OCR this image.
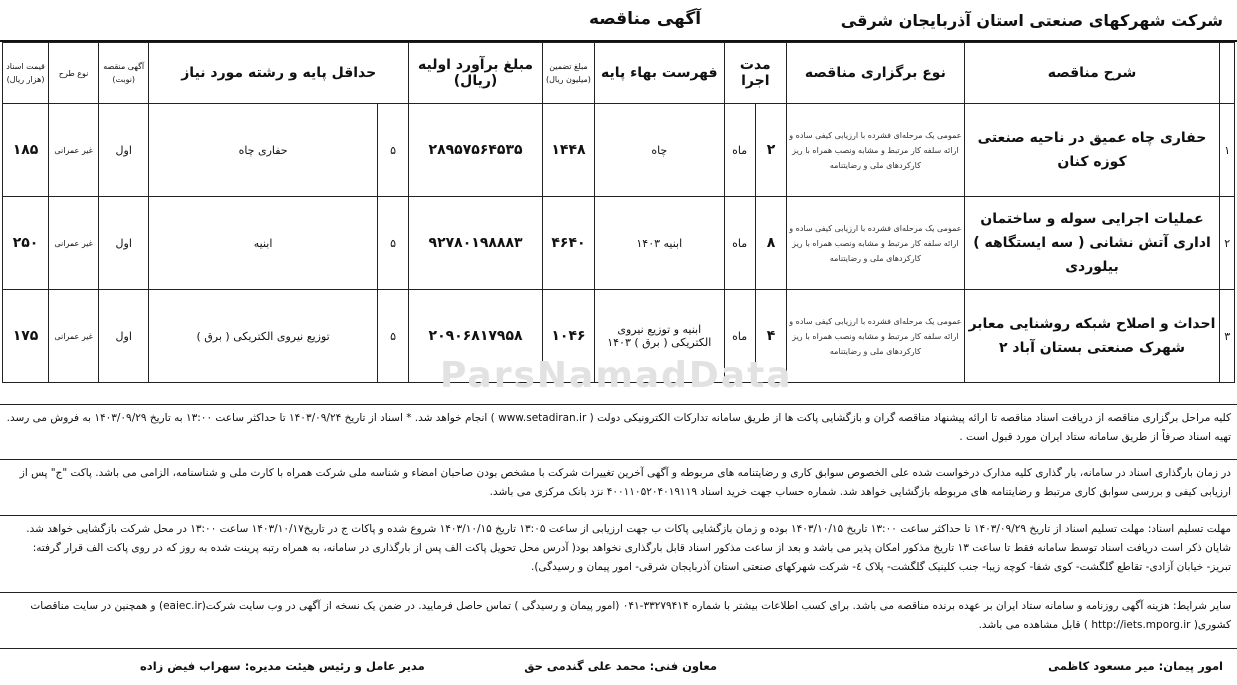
شرکت شهرکهای صنعتی استان آذربایجان شرقی
آگهی مناقصه
	شرح مناقصه	نوع برگزاری مناقصه	مدت اجرا		فهرست بهاء پایه	مبلغ تضمین (میلیون ریال)	مبلغ برآورد اولیه (ریال)	حداقل پایه و رشته مورد نیاز		آگهی منقصه (نوبت)	نوع طرح	قیمت اسناد (هزار ریال)
۱	حفاری چاه عمیق در ناحیه صنعتی کوزه کنان	عمومی یک مرحله‌ای فشرده با ارزیابی کیفی ساده و ارائه سلفه کار مرتبط و مشابه ونصب همراه با ریز کارکردهای ملی و رضایتنامه	۲	ماه	چاه	۱۴۴۸	۲۸۹۵۷۵۶۴۵۳۵	۵	حفاری چاه	اول	غیر عمرانی	۱۸۵
۲	عملیات اجرایی سوله و ساختمان اداری آتش نشانی ( سه ایستگاهه ) بیلوردی	عمومی یک مرحله‌ای فشرده با ارزیابی کیفی ساده و ارائه سلفه کار مرتبط و مشابه ونصب همراه با ریز کارکردهای ملی و رضایتنامه	۸	ماه	ابنیه ۱۴۰۳	۴۶۴۰	۹۲۷۸۰۱۹۸۸۸۳	۵	ابنیه	اول	غیر عمرانی	۲۵۰
۳	احداث و اصلاح شبکه روشنایی معابر شهرک صنعتی بستان آباد ۲	عمومی یک مرحله‌ای فشرده با ارزیابی کیفی ساده و ارائه سلفه کار مرتبط و مشابه ونصب همراه با ریز کارکردهای ملی و رضایتنامه	۴	ماه	ابنیه و توزیع نیروی الکتریکی ( برق ) ۱۴۰۳	۱۰۴۶	۲۰۹۰۶۸۱۷۹۵۸	۵	توزیع نیروی الکتریکی ( برق )	اول	غیر عمرانی	۱۷۵
ParsNamadData
کلیه مراحل برگزاری مناقصه از دریافت اسناد مناقصه تا ارائه پیشنهاد مناقصه گران و بازگشایی پاکت ها از طریق سامانه تدارکات الکترونیکی دولت ( www.setadiran.ir ) انجام خواهد شد. * اسناد از تاریخ ۱۴۰۳/۰۹/۲۴ تا حداکثر ساعت ۱۳:۰۰ به تاریخ ۱۴۰۳/۰۹/۲۹ به فروش می رسد. تهیه اسناد صرفاً از طریق سامانه ستاد ایران مورد قبول است .
در زمان بارگذاری اسناد در سامانه، بار گذاری کلیه مدارک درخواست شده علی الخصوص سوابق کاری و رضایتنامه های مربوطه و آگهی آخرین تغییرات شرکت با مشخص بودن صاحبان امضاء و شناسه ملی شرکت همراه با کارت ملی و شناسنامه، الزامی می باشد. پاکت "ج" پس از ارزیابی کیفی و بررسی سوابق کاری مرتبط و رضایتنامه های مربوطه بازگشایی خواهد شد. شماره حساب جهت خرید اسناد ۴۰۰۱۱۰۵۲۰۴۰۱۹۱۱۹ نزد بانک مرکزی می باشد.
مهلت تسلیم اسناد: مهلت تسلیم اسناد از تاریخ ۱۴۰۳/۰۹/۲۹ تا حداکثر ساعت ۱۳:۰۰ تاریخ ۱۴۰۳/۱۰/۱۵ بوده و زمان بازگشایی پاکات ب جهت ارزیابی از ساعت ۱۳:۰۵ تاریخ ۱۴۰۳/۱۰/۱۵ شروع شده و پاکات ج در تاریخ۱۴۰۳/۱۰/۱۷ ساعت ۱۳:۰۰ در محل شرکت بازگشایی خواهد شد. شایان ذکر است دریافت اسناد توسط سامانه فقط تا ساعت ۱۳ تاریخ مذکور امکان پذیر می باشد و بعد از ساعت مذکور اسناد قابل بارگذاری نخواهد بود( آدرس محل تحویل پاکت الف پس از بارگذاری در سامانه، به همراه رتبه پرینت شده به روز که در روی پاکت الف قرار گرفته: تبریز- خیابان آزادی- تقاطع گلگشت- کوی شفا- کوچه زیبا- جنب کلینیک گلگشت- پلاک ٤- شرکت شهرکهای صنعتی استان آذربایجان شرقی- امور پیمان و رسیدگی).
سایر شرایط: هزینه آگهی روزنامه و سامانه ستاد ایران بر عهده برنده مناقصه می باشد. برای کسب اطلاعات بیشتر با شماره ۳۳۲۷۹۴۱۴-۰۴۱ (امور پیمان و رسیدگی ) تماس حاصل فرمایید. در ضمن یک نسخه از آگهی در وب سایت شرکت(eaiec.ir) و همچنین در سایت مناقصات کشوری( http://iets.mporg.ir ) قابل مشاهده می باشد.
امور پیمان: میر مسعود کاظمی
معاون فنی: محمد علی گندمی حق
مدیر عامل و رئیس هیئت مدیره: سهراب فیض زاده
